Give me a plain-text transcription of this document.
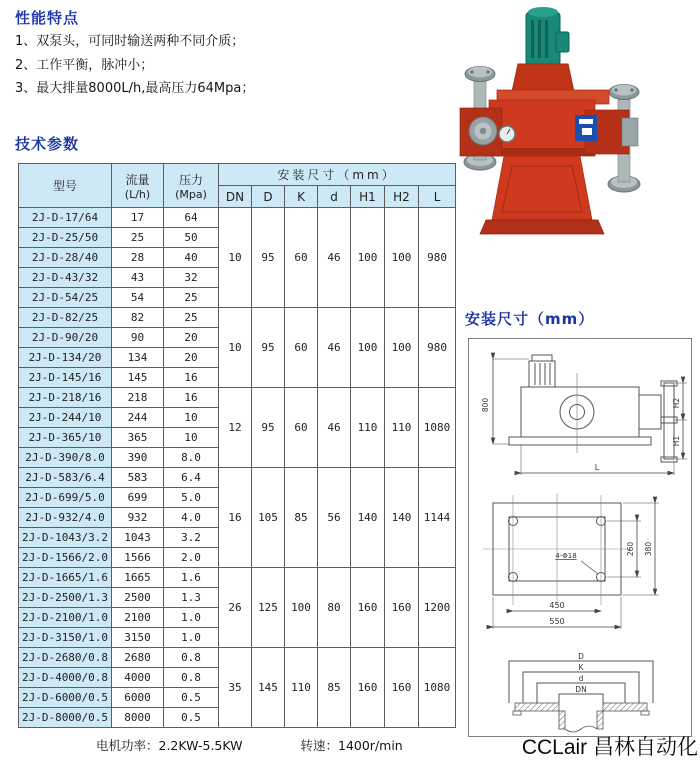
性能特点
1、双泵头，可同时输送两种不同介质；
2、工作平衡，脉冲小；
3、最大排量8000L/h,最高压力64Mpa；
技术参数
型号	流量
(L/h)

压力
(Mpa)
	安装尺寸（mm）
			DN	D	K	d	H1	H2	L
2J-D-17/64	17	64	10	95	60	46	100	100	980
2J-D-25/50	25	50							
2J-D-28/40	28	40							
2J-D-43/32	43	32							
2J-D-54/25	54	25							
2J-D-82/25	82	25	10	95	60	46	100	100	980
2J-D-90/20	90	20							
2J-D-134/20	134	20							
2J-D-145/16	145	16							
2J-D-218/16	218	16	12	95	60	46	110	110	1080
2J-D-244/10	244	10							
2J-D-365/10	365	10							
2J-D-390/8.0	390	8.0							
2J-D-583/6.4	583	6.4	16	105	85	56	140	140	1144
2J-D-699/5.0	699	5.0							
2J-D-932/4.0	932	4.0							
2J-D-1043/3.2	1043	3.2							
2J-D-1566/2.0	1566	2.0							
2J-D-1665/1.6	1665	1.6	26	125	100	80	160	160	1200
2J-D-2500/1.3	2500	1.3							
2J-D-2100/1.0	2100	1.0							
2J-D-3150/1.0	3150	1.0							
2J-D-2680/0.8	2680	0.8	35	145	110	85	160	160	1080
2J-D-4000/0.8	4000	0.8							
2J-D-6000/0.5	6000	0.5							
2J-D-8000/0.5	8000	0.5							
电机功率：2.2KW-5.5KW	转速：1400r/min
安装尺寸（mm）
800	H2
H1
L
450
550
260 380
4-Φ18
D
K
d
DN
CCLair 昌林自动化
